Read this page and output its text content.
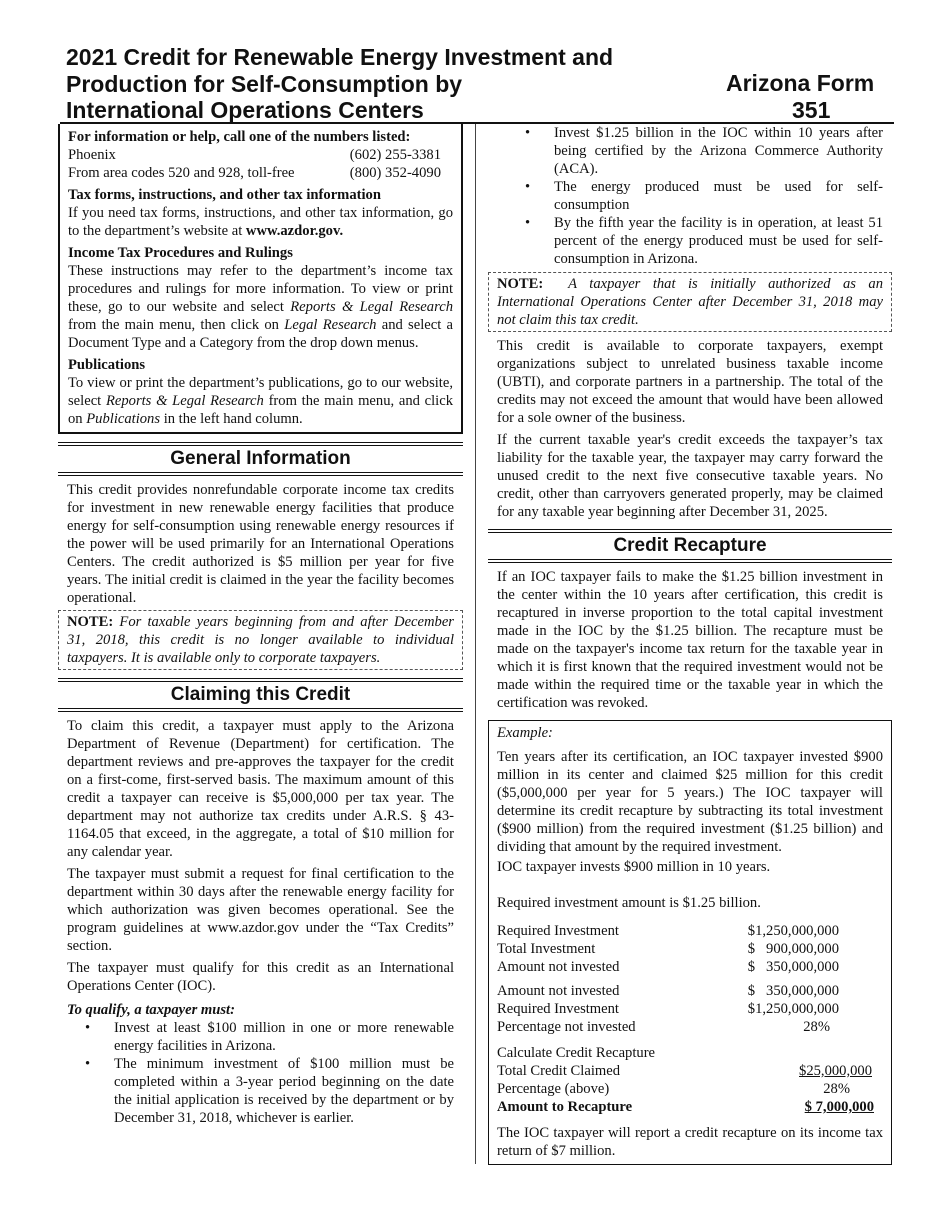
2021 Credit for Renewable Energy Investment and
Production for Self-Consumption by
International Operations Centers
Arizona Form
351
For information or help, call one of the numbers listed:
Phoenix	(602) 255-3381
From area codes 520 and 928, toll-free	(800) 352-4090
Tax forms, instructions, and other tax information

If you need tax forms, instructions, and other tax information, go to the department’s website at www.azdor.gov.

Income Tax Procedures and Rulings

These instructions may refer to the department’s income tax procedures and rulings for more information. To view or print these, go to our website and select Reports & Legal Research from the main menu, then click on Legal Research and select a Document Type and a Category from the drop down menus.

Publications

To view or print the department’s publications, go to our website, select Reports & Legal Research from the main menu, and click on Publications in the left hand column.

General Information

This credit provides nonrefundable corporate income tax credits for investment in new renewable energy facilities that produce energy for self-consumption using renewable energy resources if the power will be used primarily for an International Operations Centers. The credit authorized is $5 million per year for five years. The initial credit is claimed in the year the facility becomes operational.

NOTE: For taxable years beginning from and after December 31, 2018, this credit is no longer available to individual taxpayers. It is available only to corporate taxpayers.

Claiming this Credit

To claim this credit, a taxpayer must apply to the Arizona Department of Revenue (Department) for certification. The department reviews and pre-approves the taxpayer for the credit on a first-come, first-served basis. The maximum amount of this credit a taxpayer can receive is $5,000,000 per tax year. The department may not authorize tax credits under A.R.S. § 43-1164.05 that exceed, in the aggregate, a total of $10 million for any calendar year.

The taxpayer must submit a request for final certification to the department within 30 days after the renewable energy facility for which authorization was given becomes operational. See the program guidelines at www.azdor.gov under the “Tax Credits” section.

The taxpayer must qualify for this credit as an International Operations Center (IOC).

To qualify, a taxpayer must:

• Invest at least $100 million in one or more renewable energy facilities in Arizona.
• The minimum investment of $100 million must be completed within a 3-year period beginning on the date the initial application is received by the department or by December 31, 2018, whichever is earlier.
• Invest $1.25 billion in the IOC within 10 years after being certified by the Arizona Commerce Authority (ACA).
• The energy produced must be used for self-consumption
• By the fifth year the facility is in operation, at least 51 percent of the energy produced must be used for self-consumption in Arizona.

NOTE: A taxpayer that is initially authorized as an International Operations Center after December 31, 2018 may not claim this tax credit.

This credit is available to corporate taxpayers, exempt organizations subject to unrelated business taxable income (UBTI), and corporate partners in a partnership. The total of the credits may not exceed the amount that would have been allowed for a sole owner of the business.

If the current taxable year's credit exceeds the taxpayer’s tax liability for the taxable year, the taxpayer may carry forward the unused credit to the next five consecutive taxable years. No credit, other than carryovers generated properly, may be claimed for any taxable year beginning after December 31, 2025.

Credit Recapture

If an IOC taxpayer fails to make the $1.25 billion investment in the center within the 10 years after certification, this credit is recaptured in inverse proportion to the total capital investment made in the IOC by the $1.25 billion. The recapture must be made on the taxpayer's income tax return for the taxable year in which it is first known that the required investment would not be made within the required time or the taxable year in which the certification was revoked.

Example:

Ten years after its certification, an IOC taxpayer invested $900 million in its center and claimed $25 million for this credit ($5,000,000 per year for 5 years.) The IOC taxpayer will determine its credit recapture by subtracting its total investment ($900 million) from the required investment ($1.25 billion) and dividing that amount by the required investment.

IOC taxpayer invests $900 million in 10 years.

Required investment amount is $1.25 billion.

Required Investment	$1,250,000,000
Total Investment	$   900,000,000
Amount not invested	$   350,000,000
Amount not invested	$   350,000,000
Required Investment	$1,250,000,000
Percentage not invested	28%

Calculate Credit Recapture

Total Credit Claimed	$25,000,000
Percentage (above)	28%
Amount to Recapture	$ 7,000,000

The IOC taxpayer will report a credit recapture on its income tax return of $7 million.
